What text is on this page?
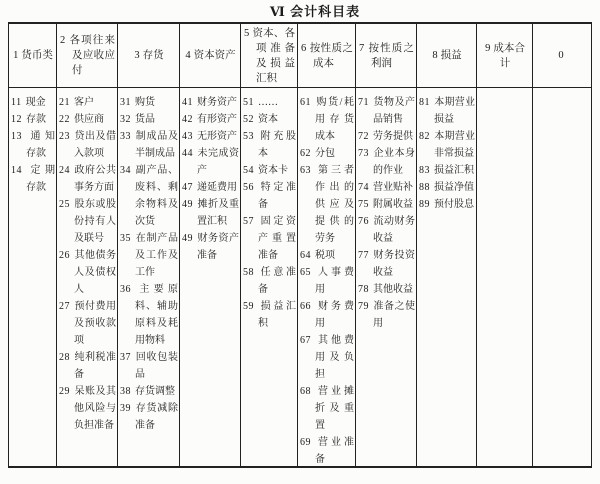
Ⅵ 会计科目表
1 货币类
2 各项往来及应收应付
3 存货	4 资本资产
5 资本、各项准备及损益汇积
6 按性质之成本
7 按性质之利润
8 损益
9 成本合计
0
11 现金
12 存款
13 通知存款
14 定期存款
21 客户
22 供应商
23 贷出及借入款项
24 政府公共事务方面
25 股东或股份持有人及联号
26 其他债务人及债权人
27 预付费用及预收款项
28 纯利税准备
29 呆账及其他风险与负担准备
31 购货
32 货品
33 制成品及半制成品
34 副产品、废料、剩余物料及次货
35 在制产品及工作及工作
36 主要原料、辅助原料及耗用物料
37 回收包装品
38 存货调整
39 存货减除准备
41 财务资产
42 有形资产
43 无形资产
44 未完成资产
47 递延费用
49 摊折及重置汇积
49 财务资产准备
51 ……
52 资本
53 附充股本
54 资本卡
56 特定准备
57 固定资产重置准备
58 任意准备
59 损益汇积
61 购货/耗用存货成本
62 分包
63 第三者作出的供应及提供的劳务
64 税项
65 人事费用
66 财务费用
67 其他费用及负担
68 营业摊折及重置
69 营业准备
71 货物及产品销售
72 劳务提供
73 企业本身的作业
74 营业贴补
75 附属收益
76 流动财务收益
77 财务投资收益
78 其他收益
79 准备之使用
81 本期营业损益
82 本期营业非常损益
83 损益汇积
88 损益净值
89 预付股息
